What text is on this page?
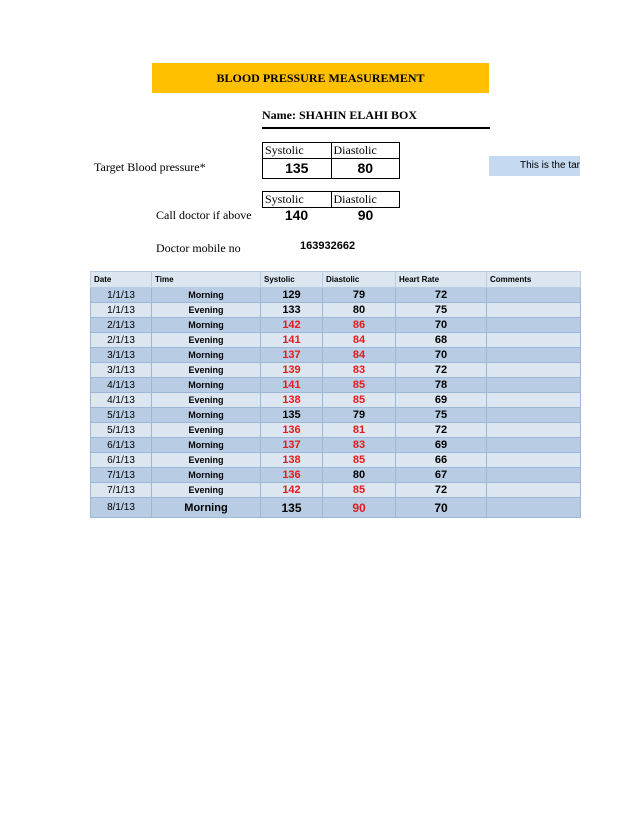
BLOOD PRESSURE MEASUREMENT
Name: SHAHIN ELAHI BOX
Target Blood pressure*
Systolic	Diastolic
135	80	This is the tar
Call doctor if above
Systolic	Diastolic
140	90
Doctor mobile no	163932662
Date	Time	Systolic	Diastolic	Heart Rate	Comments
1/1/13	Morning	129	79	72	
1/1/13	Evening	133	80	75	
2/1/13	Morning	142	86	70	
2/1/13	Evening	141	84	68	
3/1/13	Morning	137	84	70	
3/1/13	Evening	139	83	72	
4/1/13	Morning	141	85	78	
4/1/13	Evening	138	85	69	
5/1/13	Morning	135	79	75	
5/1/13	Evening	136	81	72	
6/1/13	Morning	137	83	69	
6/1/13	Evening	138	85	66	
7/1/13	Morning	136	80	67	
7/1/13	Evening	142	85	72	
8/1/13	Morning	135	90	70	
